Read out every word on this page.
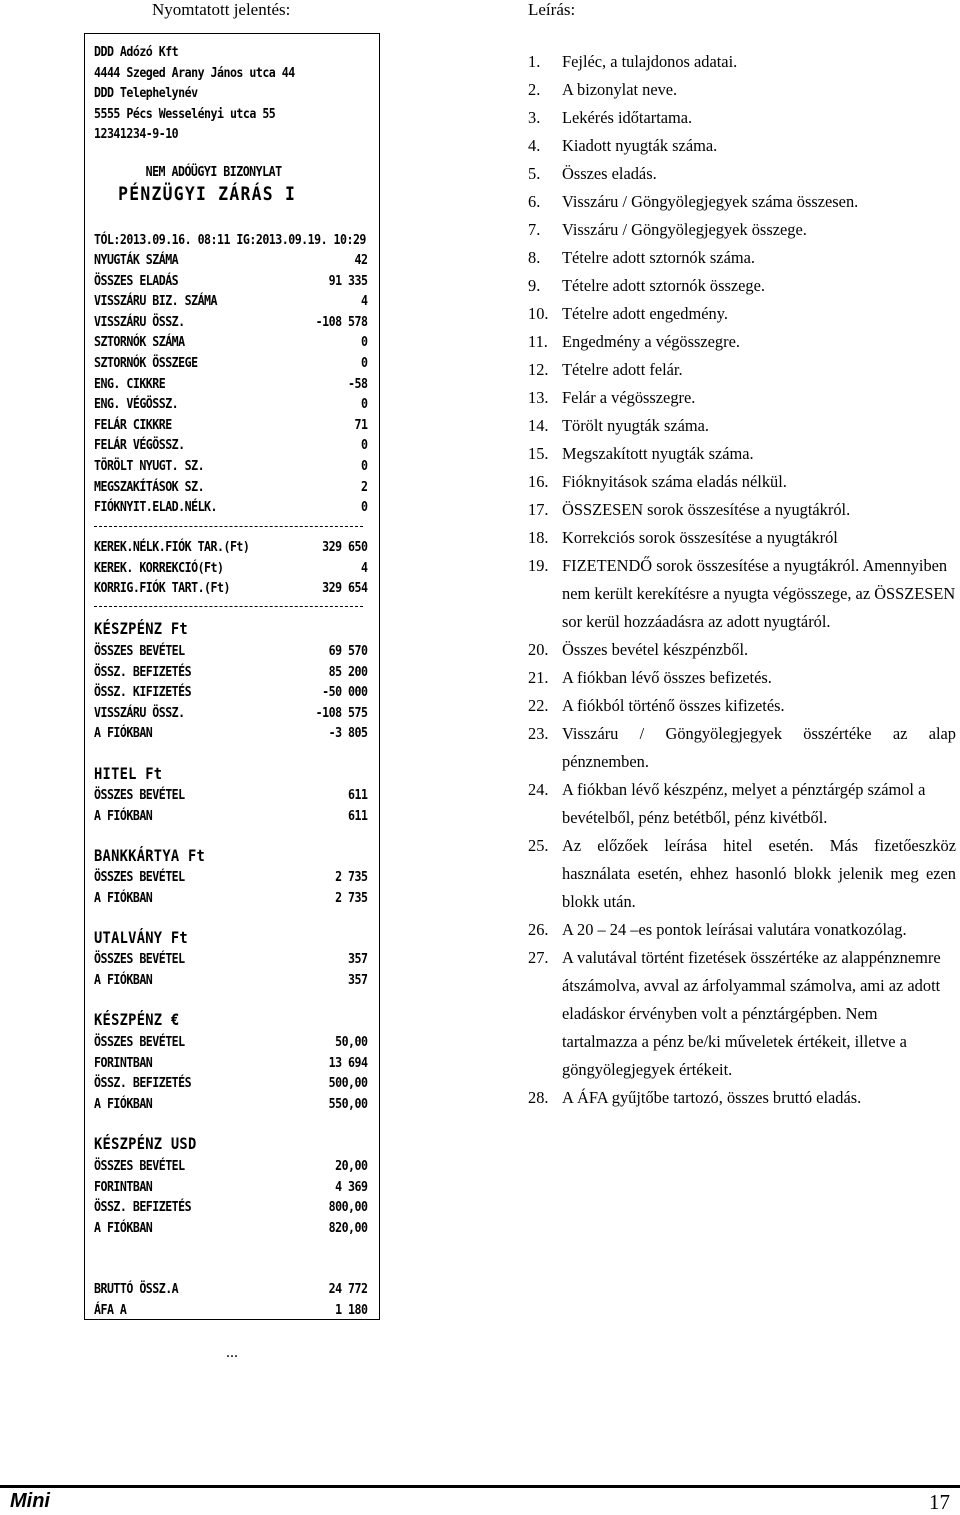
Nyomtatott jelentés:	Leírás:
DDD Adózó Kft
4444 Szeged Arany János utca 44
DDD Telephelynév
5555 Pécs Wesselényi utca 55
12341234-9-10
NEM ADÓÜGYI BIZONYLAT
PÉNZÜGYI ZÁRÁS I
TÓL:2013.09.16. 08:11 IG:2013.09.19. 10:29
NYUGTÁK SZÁMA	42
ÖSSZES ELADÁS	91 335
VISSZÁRU BIZ. SZÁMA	4
VISSZÁRU ÖSSZ.	-108 578
SZTORNÓK SZÁMA	0
SZTORNÓK ÖSSZEGE	0
ENG. CIKKRE	-58
ENG. VÉGÖSSZ.	0
FELÁR CIKKRE	71
FELÁR VÉGÖSSZ.	0
TÖRÖLT NYUGT. SZ.	0
MEGSZAKÍTÁSOK SZ.	2
FIÓKNYIT.ELAD.NÉLK.	0
KEREK.NÉLK.FIÓK TAR.(Ft)	329 650
KEREK. KORREKCIÓ(Ft)	4
KORRIG.FIÓK TART.(Ft)	329 654
KÉSZPÉNZ Ft
ÖSSZES BEVÉTEL	69 570
ÖSSZ. BEFIZETÉS	85 200
ÖSSZ. KIFIZETÉS	-50 000
VISSZÁRU ÖSSZ.	-108 575
A FIÓKBAN	-3 805
HITEL Ft
ÖSSZES BEVÉTEL	611
A FIÓKBAN	611
BANKKÁRTYA Ft
ÖSSZES BEVÉTEL	2 735
A FIÓKBAN	2 735
UTALVÁNY Ft
ÖSSZES BEVÉTEL	357
A FIÓKBAN	357
KÉSZPÉNZ €
ÖSSZES BEVÉTEL	50,00
FORINTBAN	13 694
ÖSSZ. BEFIZETÉS	500,00
A FIÓKBAN	550,00
KÉSZPÉNZ USD
ÖSSZES BEVÉTEL	20,00
FORINTBAN	4 369
ÖSSZ. BEFIZETÉS	800,00
A FIÓKBAN	820,00
BRUTTÓ ÖSSZ.A	24 772
ÁFA A	1 180
1.	Fejléc, a tulajdonos adatai.
2.	A bizonylat neve.
3.	Lekérés időtartama.
4.	Kiadott nyugták száma.
5.	Összes eladás.
6.	Visszáru / Göngyölegjegyek száma összesen.
7.	Visszáru / Göngyölegjegyek összege.
8.	Tételre adott sztornók száma.
9.	Tételre adott sztornók összege.
10. Tételre adott engedmény.
11. Engedmény a végösszegre.
12. Tételre adott felár.
13. Felár a végösszegre.
14. Törölt nyugták száma.
15. Megszakított nyugták száma.
16. Fióknyitások száma eladás nélkül.
17. ÖSSZESEN sorok összesítése a nyugtákról.
18. Korrekciós sorok összesítése a nyugtákról
19. FIZETENDŐ sorok összesítése a nyugtákról. Amennyiben nem került kerekítésre a nyugta végösszege, az ÖSSZESEN sor kerül hozzáadásra az adott nyugtáról.
20. Összes bevétel készpénzből.
21. A fiókban lévő összes befizetés.
22. A fiókból történő összes kifizetés.
23. Visszáru / Göngyölegjegyek összértéke az alap pénznemben.
24. A fiókban lévő készpénz, melyet a pénztárgép számol a bevételből, pénz betétből, pénz kivétből.
25. Az előzőek leírása hitel esetén. Más fizetőeszköz használata esetén, ehhez hasonló blokk jelenik meg ezen blokk után.
26. A 20 – 24 –es pontok leírásai valutára vonatkozólag.
27. A valutával történt fizetések összértéke az alappénznemre átszámolva, avval az árfolyammal számolva, ami az adott eladáskor érvényben volt a pénztárgépben. Nem tartalmazza a pénz be/ki műveletek értékeit, illetve a göngyölegjegyek értékeit.
28. A ÁFA gyűjtőbe tartozó, összes bruttó eladás.
...
Mini	17
